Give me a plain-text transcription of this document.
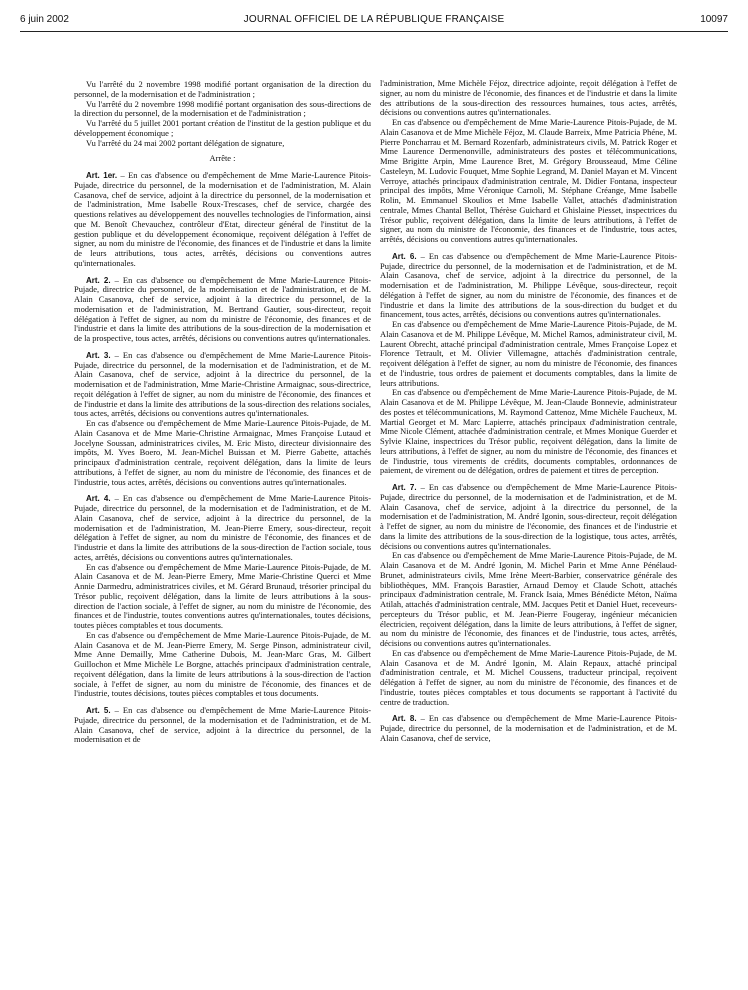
6 juin 2002	JOURNAL OFFICIEL DE LA RÉPUBLIQUE FRANÇAISE	10097

Vu l'arrêté du 2 novembre 1998 modifié portant organisation de la direction du personnel, de la modernisation et de l'administration ;

Vu l'arrêté du 2 novembre 1998 modifié portant organisation des sous-directions de la direction du personnel, de la modernisation et de l'administration ;

Vu l'arrêté du 5 juillet 2001 portant création de l'institut de la gestion publique et du développement économique ;

Vu l'arrêté du 24 mai 2002 portant délégation de signature,

Arrête :

Art. 1er. – En cas d'absence ou d'empêchement de Mme Marie-Laurence Pitois-Pujade, directrice du personnel, de la modernisation et de l'administration, M. Alain Casanova, chef de service, adjoint à la directrice du personnel, de la modernisation et de l'administration, Mme Isabelle Roux-Trescases, chef de service, chargée des questions relatives au développement des nouvelles technologies de l'information, ainsi que M. Benoît Chevauchez, contrôleur d'Etat, directeur général de l'institut de la gestion publique et du développement économique, reçoivent délégation à l'effet de signer, au nom du ministre de l'économie, des finances et de l'industrie et dans la limite de leurs attributions, tous actes, arrêtés, décisions ou conventions autres qu'internationales.

Art. 2. – En cas d'absence ou d'empêchement de Mme Marie-Laurence Pitois-Pujade, directrice du personnel, de la modernisation et de l'administration, et de M. Alain Casanova, chef de service, adjoint à la directrice du personnel, de la modernisation et de l'administration, M. Bertrand Gautier, sous-directeur, reçoit délégation à l'effet de signer, au nom du ministre de l'économie, des finances et de l'industrie et dans la limite des attributions de la sous-direction de la modernisation et de la prospective, tous actes, arrêtés, décisions ou conventions autres qu'internationales.

Art. 3. – En cas d'absence ou d'empêchement de Mme Marie-Laurence Pitois-Pujade, directrice du personnel, de la modernisation et de l'administration, et de M. Alain Casanova, chef de service, adjoint à la directrice du personnel, de la modernisation et de l'administration, Mme Marie-Christine Armaignac, sous-directrice, reçoit délégation à l'effet de signer, au nom du ministre de l'économie, des finances et de l'industrie et dans la limite des attributions de la sous-direction des relations sociales, tous actes, arrêtés, décisions ou conventions autres qu'internationales.

En cas d'absence ou d'empêchement de Mme Marie-Laurence Pitois-Pujade, de M. Alain Casanova et de Mme Marie-Christine Armaignac, Mmes Françoise Lutaud et Jocelyne Soussan, administratrices civiles, M. Eric Misto, directeur divisionnaire des impôts, M. Yves Boero, M. Jean-Michel Buissan et M. Pierre Gabette, attachés principaux d'administration centrale, reçoivent délégation, dans la limite de leurs attributions, à l'effet de signer, au nom du ministre de l'économie, des finances et de l'industrie, tous actes, arrêtés, décisions ou conventions autres qu'internationales.

Art. 4. – En cas d'absence ou d'empêchement de Mme Marie-Laurence Pitois-Pujade, directrice du personnel, de la modernisation et de l'administration, et de M. Alain Casanova, chef de service, adjoint à la directrice du personnel, de la modernisation et de l'administration, M. Jean-Pierre Emery, sous-directeur, reçoit délégation à l'effet de signer, au nom du ministre de l'économie, des finances et de l'industrie et dans la limite des attributions de la sous-direction de l'action sociale, tous actes, arrêtés, décisions ou conventions autres qu'internationales.

En cas d'absence ou d'empêchement de Mme Marie-Laurence Pitois-Pujade, de M. Alain Casanova et de M. Jean-Pierre Emery, Mme Marie-Christine Querci et Mme Annie Darmedru, administratrices civiles, et M. Gérard Brunaud, trésorier principal du Trésor public, reçoivent délégation, dans la limite de leurs attributions à la sous-direction de l'action sociale, à l'effet de signer, au nom du ministre de l'économie, des finances et de l'industrie, toutes conventions autres qu'internationales, toutes décisions, toutes pièces comptables et tous documents.

En cas d'absence ou d'empêchement de Mme Marie-Laurence Pitois-Pujade, de M. Alain Casanova et de M. Jean-Pierre Emery, M. Serge Pinson, administrateur civil, Mme Anne Demailly, Mme Catherine Dubois, M. Jean-Marc Gras, M. Gilbert Guillochon et Mme Michèle Le Borgne, attachés principaux d'administration centrale, reçoivent délégation, dans la limite de leurs attributions à la sous-direction de l'action sociale, à l'effet de signer, au nom du ministre de l'économie, des finances et de l'industrie, toutes décisions, toutes pièces comptables et tous documents.

Art. 5. – En cas d'absence ou d'empêchement de Mme Marie-Laurence Pitois-Pujade, directrice du personnel, de la modernisation et de l'administration, et de M. Alain Casanova, chef de service, adjoint à la directrice du personnel, de la modernisation et de

l'administration, Mme Michèle Féjoz, directrice adjointe, reçoit délégation à l'effet de signer, au nom du ministre de l'économie, des finances et de l'industrie et dans la limite des attributions de la sous-direction des ressources humaines, tous actes, arrêtés, décisions ou conventions autres qu'internationales.

En cas d'absence ou d'empêchement de Mme Marie-Laurence Pitois-Pujade, de M. Alain Casanova et de Mme Michèle Féjoz, M. Claude Barreix, Mme Patricia Phéne, M. Pierre Poncharrau et M. Bernard Rozenfarb, administrateurs civils, M. Patrick Roger et Mme Laurence Dermenonville, administrateurs des postes et télécommunications, Mme Brigitte Arpin, Mme Laurence Bret, M. Grégory Brousseaud, Mme Céline Casteleyn, M. Ludovic Fouquet, Mme Sophie Legrand, M. Daniel Mayan et M. Vincent Verroye, attachés principaux d'administration centrale, M. Didier Fontana, inspecteur principal des impôts, Mme Véronique Carnoli, M. Stéphane Créange, Mme Isabelle Rolin, M. Emmanuel Skoulios et Mme Isabelle Vallet, attachés d'administration centrale, Mmes Chantal Bellot, Thérèse Guichard et Ghislaine Piesset, inspectrices du Trésor public, reçoivent délégation, dans la limite de leurs attributions, à l'effet de signer, au nom du ministre de l'économie, des finances et de l'industrie, tous actes, arrêtés, décisions ou conventions autres qu'internationales.

Art. 6. – En cas d'absence ou d'empêchement de Mme Marie-Laurence Pitois-Pujade, directrice du personnel, de la modernisation et de l'administration, et de M. Alain Casanova, chef de service, adjoint à la directrice du personnel, de la modernisation et de l'administration, M. Philippe Lévêque, sous-directeur, reçoit délégation à l'effet de signer, au nom du ministre de l'économie, des finances et de l'industrie et dans la limite des attributions de la sous-direction du budget et du financement, tous actes, arrêtés, décisions ou conventions autres qu'internationales.

En cas d'absence ou d'empêchement de Mme Marie-Laurence Pitois-Pujade, de M. Alain Casanova et de M. Philippe Lévêque, M. Michel Ramos, administrateur civil, M. Laurent Obrecht, attaché principal d'administration centrale, Mmes Françoise Lopez et Florence Tetrault, et M. Olivier Villemagne, attachés d'administration centrale, reçoivent délégation à l'effet de signer, au nom du ministre de l'économie, des finances et de l'industrie, tous ordres de paiement et documents comptables, dans la limite de leurs attributions.

En cas d'absence ou d'empêchement de Mme Marie-Laurence Pitois-Pujade, de M. Alain Casanova et de M. Philippe Lévêque, M. Jean-Claude Bonnevie, administrateur des postes et télécommunications, M. Raymond Cattenoz, Mme Michèle Faucheux, M. Martial Georget et M. Marc Lapierre, attachés principaux d'administration centrale, Mme Nicole Clément, attachée d'administration centrale, et Mmes Monique Guerder et Sylvie Klaine, inspectrices du Trésor public, reçoivent délégation, dans la limite de leurs attributions, à l'effet de signer, au nom du ministre de l'économie, des finances et de l'industrie, tous virements de crédits, documents comptables, ordonnances de paiement, de virement ou de délégation, ordres de paiement et titres de perception.

Art. 7. – En cas d'absence ou d'empêchement de Mme Marie-Laurence Pitois-Pujade, directrice du personnel, de la modernisation et de l'administration, et de M. Alain Casanova, chef de service, adjoint à la directrice du personnel, de la modernisation et de l'administration, M. André Igonin, sous-directeur, reçoit délégation à l'effet de signer, au nom du ministre de l'économie, des finances et de l'industrie et dans la limite des attributions de la sous-direction de la logistique, tous actes, arrêtés, décisions ou conventions autres qu'internationales.

En cas d'absence ou d'empêchement de Mme Marie-Laurence Pitois-Pujade, de M. Alain Casanova et de M. André Igonin, M. Michel Parin et Mme Anne Pénélaud-Brunet, administrateurs civils, Mme Irène Meert-Barbier, conservatrice générale des bibliothèques, MM. François Barastier, Arnaud Demoy et Claude Schott, attachés principaux d'administration centrale, M. Franck Isaia, Mmes Bénédicte Méton, Naïma Atilah, attachés d'administration centrale, MM. Jacques Petit et Daniel Huet, receveurs-percepteurs du Trésor public, et M. Jean-Pierre Fougeray, ingénieur mécanicien électricien, reçoivent délégation, dans la limite de leurs attributions, à l'effet de signer, au nom du ministre de l'économie, des finances et de l'industrie, tous actes, arrêtés, décisions ou conventions autres qu'internationales.

En cas d'absence ou d'empêchement de Mme Marie-Laurence Pitois-Pujade, de M. Alain Casanova et de M. André Igonin, M. Alain Repaux, attaché principal d'administration centrale, et M. Michel Coussens, traducteur principal, reçoivent délégation à l'effet de signer, au nom du ministre de l'économie, des finances et de l'industrie, toutes pièces comptables et tous documents se rapportant à l'activité du centre de traduction.

Art. 8. – En cas d'absence ou d'empêchement de Mme Marie-Laurence Pitois-Pujade, directrice du personnel, de la modernisation et de l'administration, et de M. Alain Casanova, chef de service,
